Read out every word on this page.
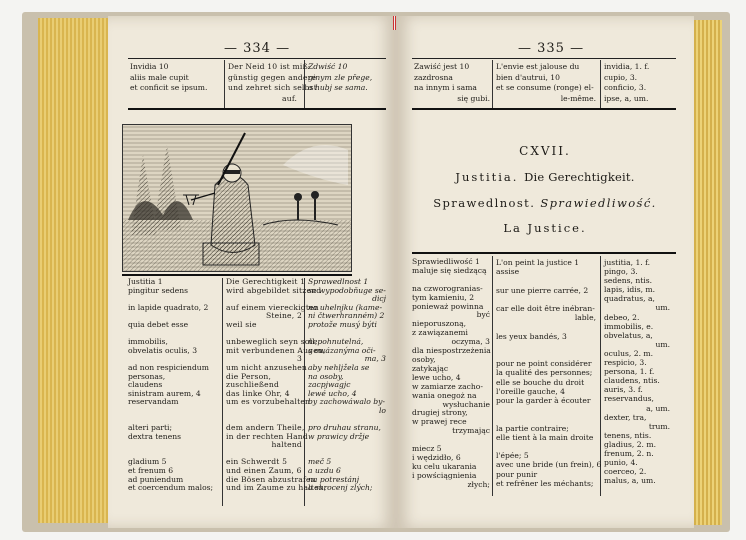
— 334 —
Invidia 10
aliis male cupit
et conficit se ipsum.
Der Neid 10 ist miß-
günstig gegen andere
und zehret sich selbst
auf.
Zdwiść 10
ginym zle přege,
a hubj se sama.
Justitia 1
pingitur sedens

in lapide quadrato, 2

quia debet esse

immobilis,
obvelatis oculis, 3

ad non respiciendum
personas,
claudens
sinistram aurem, 4
reservandam

alteri parti;
dextra tenens

gladium 5
et frenum 6
ad puniendum
et coercendum malos;
Die Gerechtigkeit 1
wird abgebildet sitzend

auf einem viereckigten
Steine, 2
weil sie

unbeweglich seyn soll,
mit verbundenen Augen,
3
um nicht anzusehen
die Person,
zuschließend
das linke Ohr, 4
um es vorzubehalten

dem andern Theile,
in der rechten Hand
haltend

ein Schwerdt 5
und einen Zaum, 6
die Bösen abzustrafen
und im Zaume zu halten;
Sprawedlnost 1
se wypodobňuge se-
dicj
na uhelnjku (kame-
ni čtwerhranném) 2
protože musý býti

nepohnutelná,
s owázanýma oči-
ma, 3
aby nehljžela se
na osoby,
zacpjwagjc
lewé ucho, 4
by zachowáwalo by-
lo

pro druhau stranu,
w prawicy držje

meč 5
a uzdu 6
na potrestánj
a skrocenj zlých;
— 335 —
Zawiść jest 10
zazdrosna
na innym i sama
się gubi.
L'envie est jalouse du
bien d'autrui, 10
et se consume (ronge) el-
le-même.
invidia, 1. f.
cupio, 3.
conficio, 3.
ipse, a, um.
CXVII.
Justitia. Die Gerechtigkeit.
Sprawedlnost. Sprawiedliwość.
La Justice.
Sprawiedliwość 1
maluje się siedzącą

na czworogranias-
tym kamieniu, 2
ponieważ powinna
być
nieporuszoną,
z zawiązanemi
oczyma, 3
dla niespostrzeżenia
osoby,
zatykając
lewe ucho, 4
w zamiarze zacho-
wania onegoż na
wysłuchanie
drugiej strony,
w prawej rece
trzymając

miecz 5
i wędzidło, 6
ku celu ukarania
i powściągnienia
złych;
L'on peint la justice 1
assise

sur une pierre carrée, 2

car elle doit être inébran-
lable,

les yeux bandés, 3

pour ne point considérer
la qualité des personnes;
elle se bouche du droit
l'oreille gauche, 4
pour la garder à écouter

la partie contraire;
elle tient à la main droite

l'épée; 5
avec une bride (un frein), 6
pour punir
et refrêner les méchants;
justitia, 1. f.
pingo, 3.
sedens, ntis.
lapis, idis, m.
quadratus, a,
um.
debeo, 2.
immobilis, e.
obvelatus, a,
um.
oculus, 2. m.
respicio, 3.
persona, 1. f.
claudens, ntis.
auris, 3. f.
reservandus,
a, um.
dexter, tra,
trum.
tenens, ntis.
gladius, 2. m.
frenum, 2. n.
punio, 4.
coerceo, 2.
malus, a, um.
